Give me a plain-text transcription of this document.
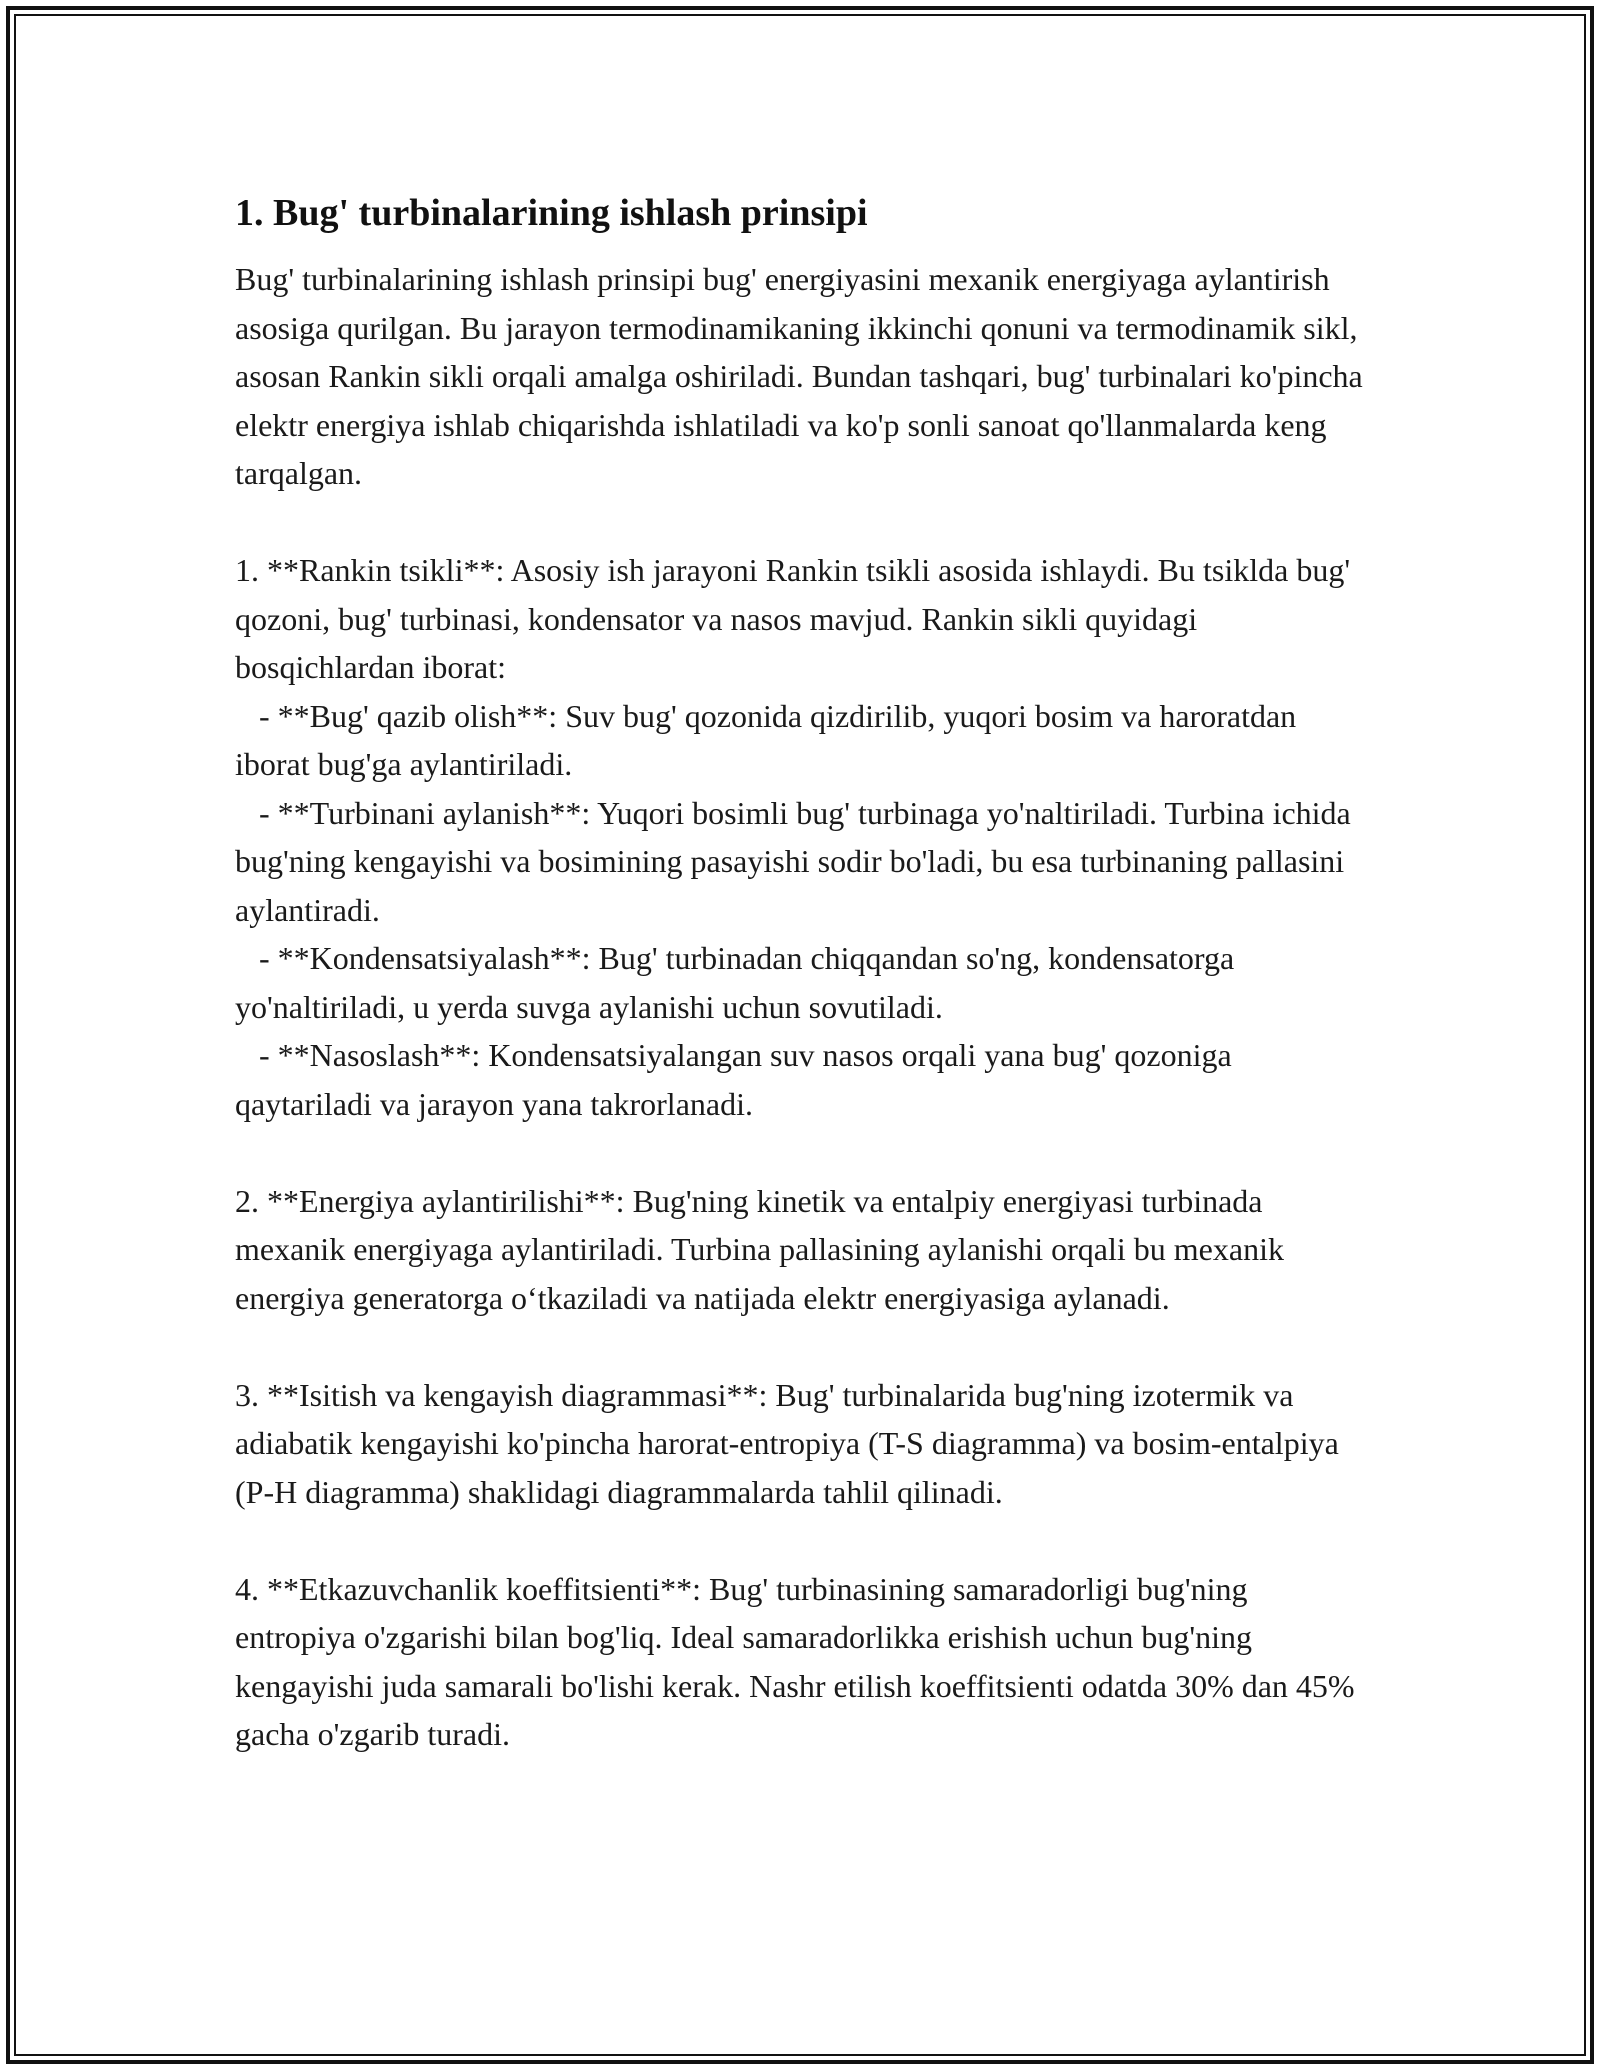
1. Bug' turbinalarining ishlash prinsipi

Bug' turbinalarining ishlash prinsipi bug' energiyasini mexanik energiyaga aylantirish asosiga qurilgan. Bu jarayon termodinamikaning ikkinchi qonuni va termodinamik sikl, asosan Rankin sikli orqali amalga oshiriladi. Bundan tashqari, bug' turbinalari ko'pincha elektr energiya ishlab chiqarishda ishlatiladi va ko'p sonli sanoat qo'llanmalarda keng tarqalgan.

1. **Rankin tsikli**: Asosiy ish jarayoni Rankin tsikli asosida ishlaydi. Bu tsiklda bug' qozoni, bug' turbinasi, kondensator va nasos mavjud. Rankin sikli quyidagi bosqichlardan iborat:

- **Bug' qazib olish**: Suv bug' qozonida qizdirilib, yuqori bosim va haroratdan iborat bug'ga aylantiriladi.
- **Turbinani aylanish**: Yuqori bosimli bug' turbinaga yo'naltiriladi. Turbina ichida bug'ning kengayishi va bosimining pasayishi sodir bo'ladi, bu esa turbinaning pallasini aylantiradi.
- **Kondensatsiyalash**: Bug' turbinadan chiqqandan so'ng, kondensatorga yo'naltiriladi, u yerda suvga aylanishi uchun sovutiladi.
- **Nasoslash**: Kondensatsiyalangan suv nasos orqali yana bug' qozoniga qaytariladi va jarayon yana takrorlanadi.

2. **Energiya aylantirilishi**: Bug'ning kinetik va entalpiy energiyasi turbinada mexanik energiyaga aylantiriladi. Turbina pallasining aylanishi orqali bu mexanik energiya generatorga o‘tkaziladi va natijada elektr energiyasiga aylanadi.

3. **Isitish va kengayish diagrammasi**: Bug' turbinalarida bug'ning izotermik va adiabatik kengayishi ko'pincha harorat-entropiya (T-S diagramma) va bosim-entalpiya (P-H diagramma) shaklidagi diagrammalarda tahlil qilinadi.

4. **Etkazuvchanlik koeffitsienti**: Bug' turbinasining samaradorligi bug'ning entropiya o'zgarishi bilan bog'liq. Ideal samaradorlikka erishish uchun bug'ning kengayishi juda samarali bo'lishi kerak. Nashr etilish koeffitsienti odatda 30% dan 45% gacha o'zgarib turadi.
